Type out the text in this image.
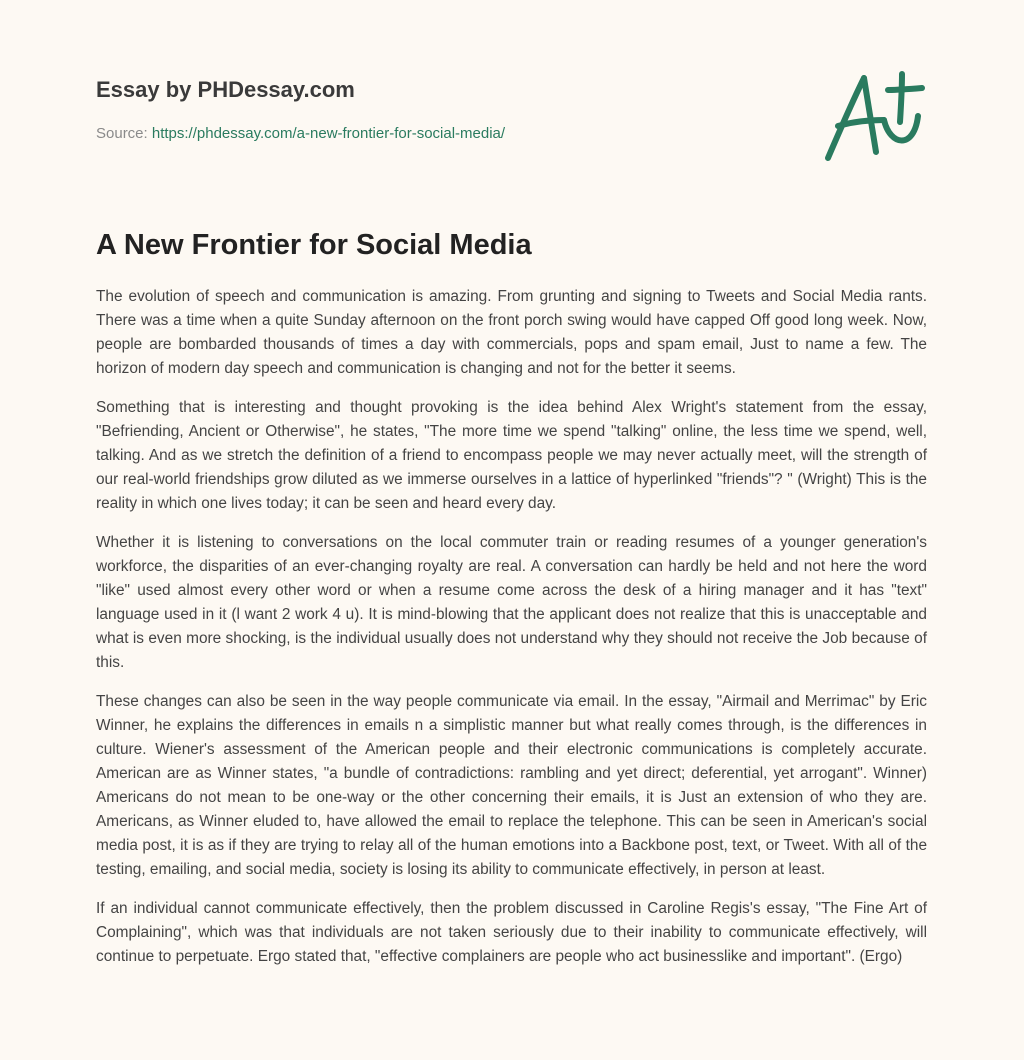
Essay by PHDessay.com
Source: https://phdessay.com/a-new-frontier-for-social-media/
A New Frontier for Social Media

The evolution of speech and communication is amazing. From grunting and signing to Tweets and Social Media rants. There was a time when a quite Sunday afternoon on the front porch swing would have capped Off good long week. Now, people are bombarded thousands of times a day with commercials, pops and spam email, Just to name a few. The horizon of modern day speech and communication is changing and not for the better it seems.

Something that is interesting and thought provoking is the idea behind Alex Wright's statement from the essay, "Befriending, Ancient or Otherwise", he states, "The more time we spend "talking" online, the less time we spend, well, talking. And as we stretch the definition of a friend to encompass people we may never actually meet, will the strength of our real-world friendships grow diluted as we immerse ourselves in a lattice of hyperlinked "friends"? " (Wright) This is the reality in which one lives today; it can be seen and heard every day.

Whether it is listening to conversations on the local commuter train or reading resumes of a younger generation's workforce, the disparities of an ever-changing royalty are real. A conversation can hardly be held and not here the word "like" used almost every other word or when a resume come across the desk of a hiring manager and it has "text" language used in it (l want 2 work 4 u). It is mind-blowing that the applicant does not realize that this is unacceptable and what is even more shocking, is the individual usually does not understand why they should not receive the Job because of this.

These changes can also be seen in the way people communicate via email. In the essay, "Airmail and Merrimac" by Eric Winner, he explains the differences in emails n a simplistic manner but what really comes through, is the differences in culture. Wiener's assessment of the American people and their electronic communications is completely accurate. American are as Winner states, "a bundle of contradictions: rambling and yet direct; deferential, yet arrogant". Winner) Americans do not mean to be one-way or the other concerning their emails, it is Just an extension of who they are. Americans, as Winner eluded to, have allowed the email to replace the telephone. This can be seen in American's social media post, it is as if they are trying to relay all of the human emotions into a Backbone post, text, or Tweet. With all of the testing, emailing, and social media, society is losing its ability to communicate effectively, in person at least.

If an individual cannot communicate effectively, then the problem discussed in Caroline Regis's essay, "The Fine Art of Complaining", which was that individuals are not taken seriously due to their inability to communicate effectively, will continue to perpetuate. Ergo stated that, "effective complainers are people who act businesslike and important". (Ergo)
